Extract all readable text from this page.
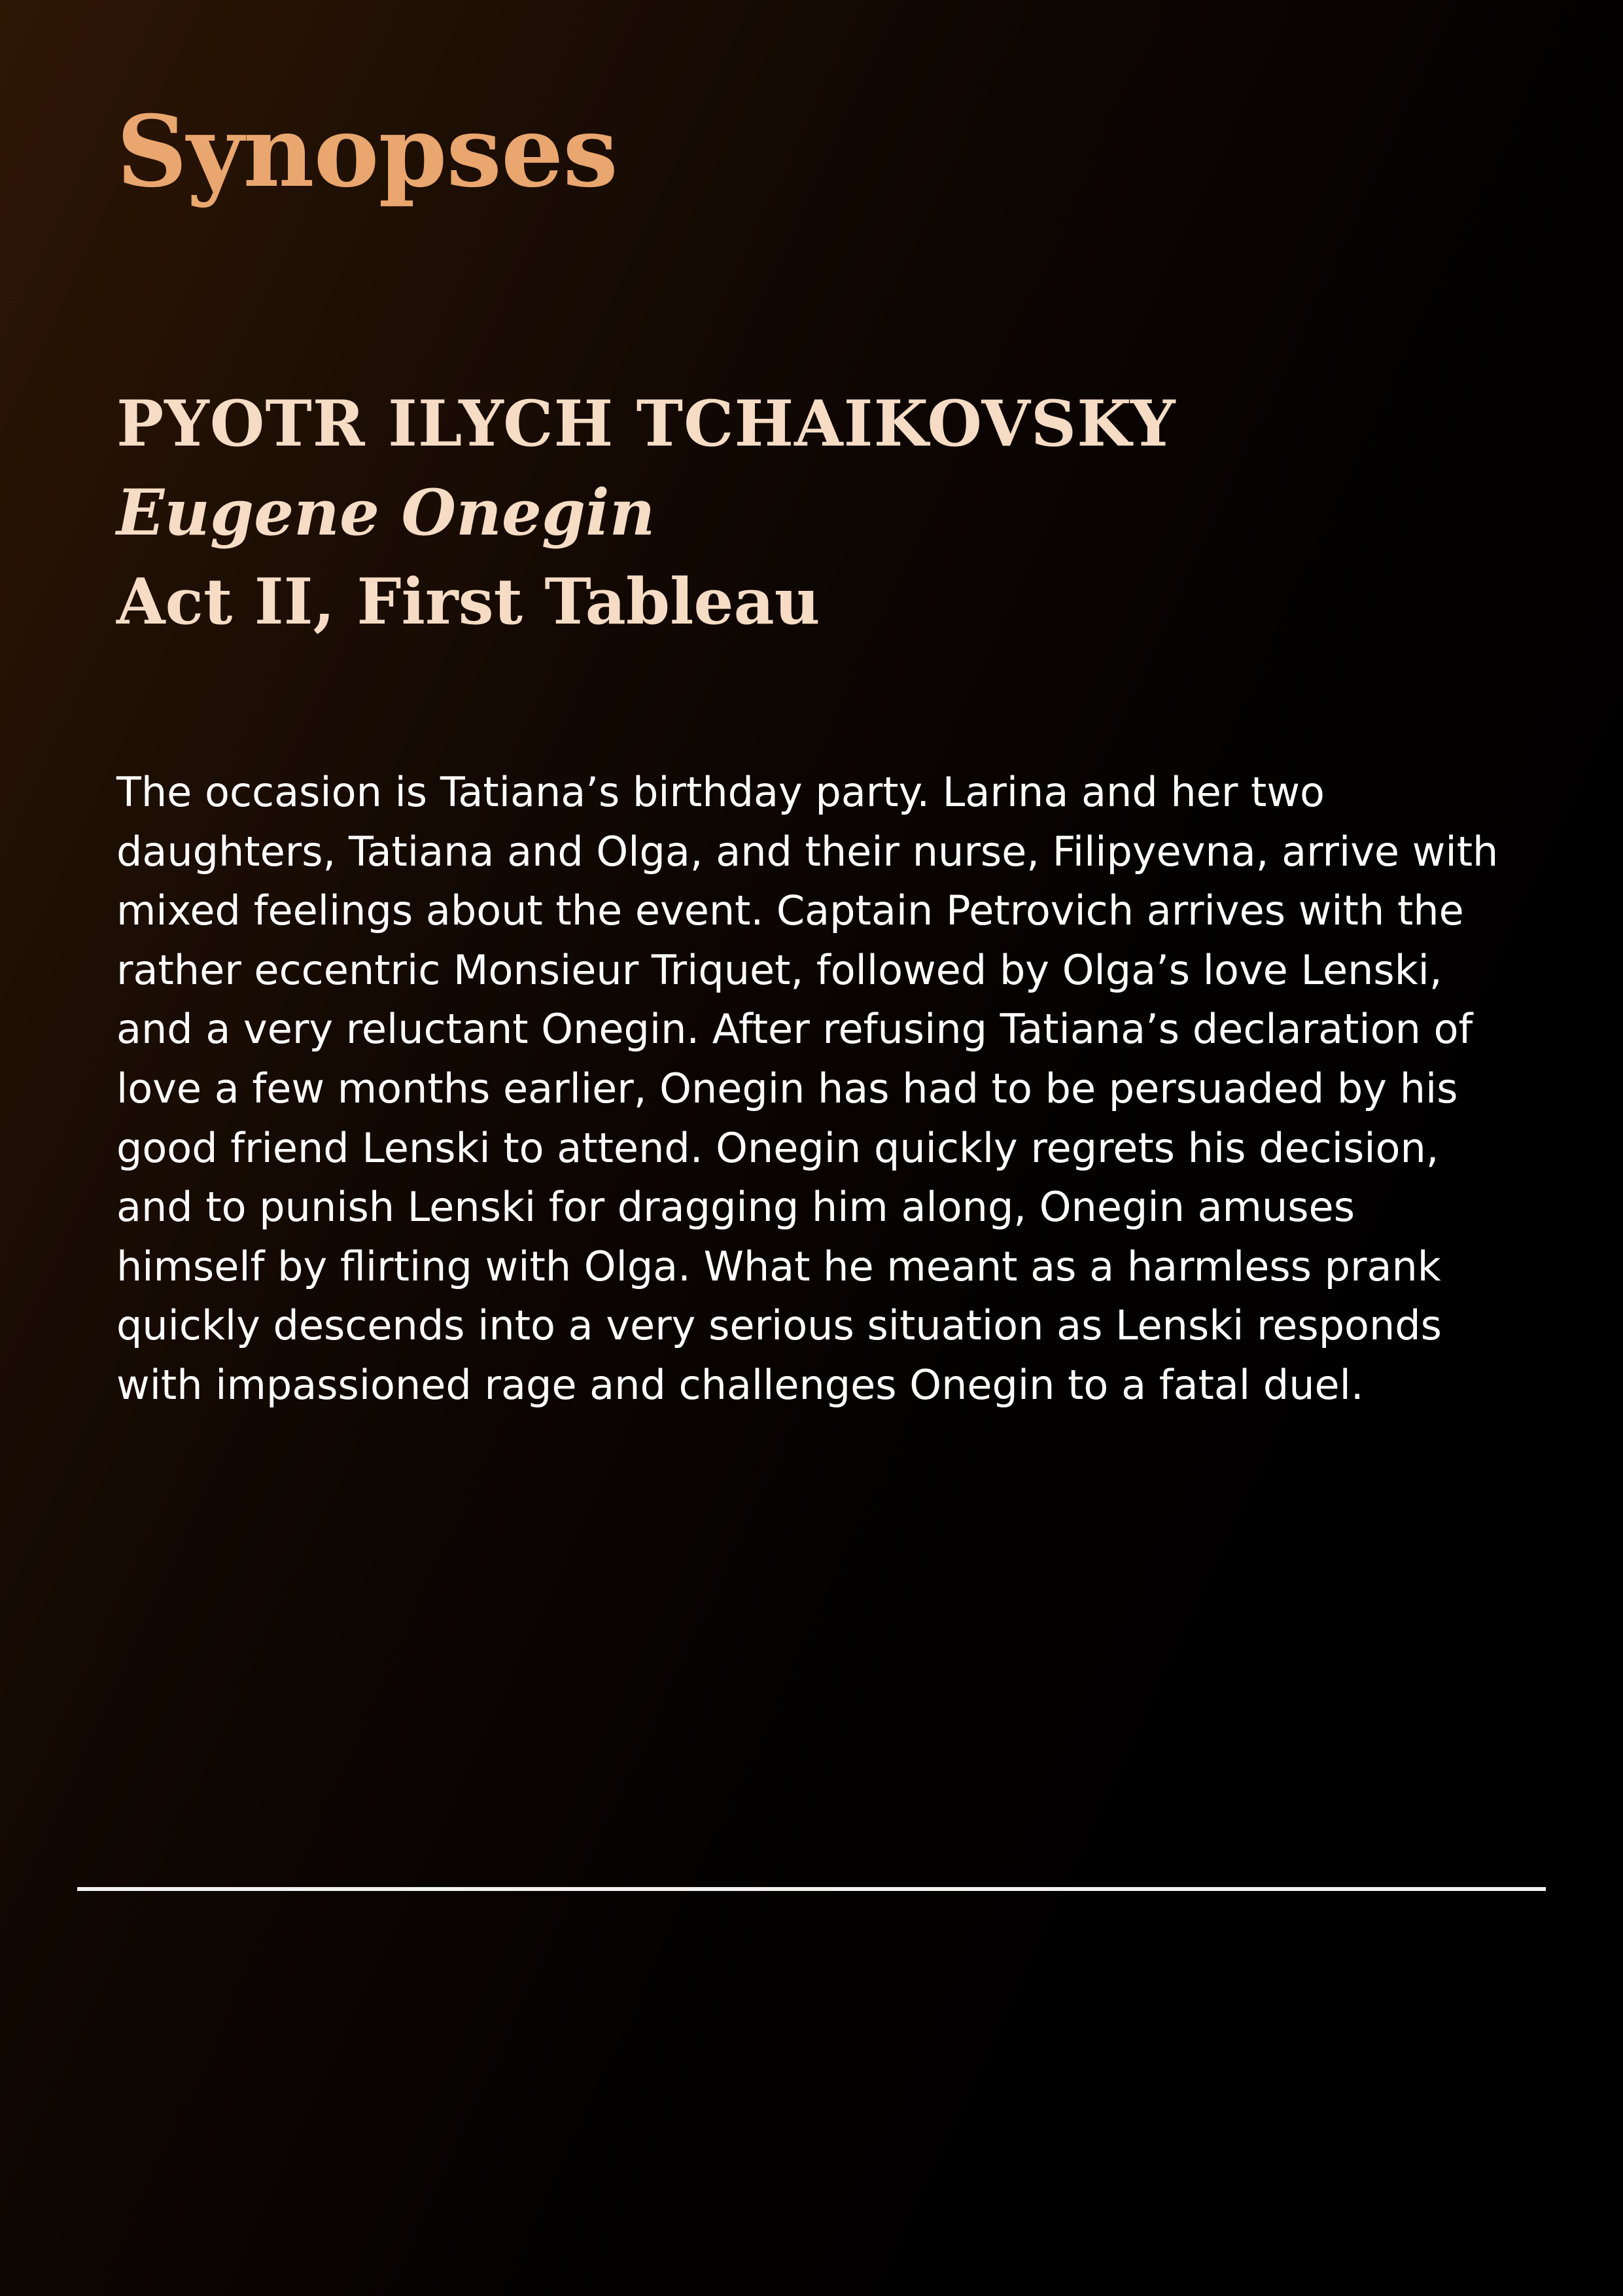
Synopses
PYOTR ILYCH TCHAIKOVSKY
Eugene Onegin
Act II, First Tableau

The occasion is Tatiana’s birthday party. Larina and her two daughters, Tatiana and Olga, and their nurse, Filipyevna, arrive with mixed feelings about the event. Captain Petrovich arrives with the rather eccentric Monsieur Triquet, followed by Olga’s love Lenski, and a very reluctant Onegin. After refusing Tatiana’s declaration of love a few months earlier, Onegin has had to be persuaded by his good friend Lenski to attend. Onegin quickly regrets his decision, and to punish Lenski for dragging him along, Onegin amuses himself by flirting with Olga. What he meant as a harmless prank quickly descends into a very serious situation as Lenski responds with impassioned rage and challenges Onegin to a fatal duel.
